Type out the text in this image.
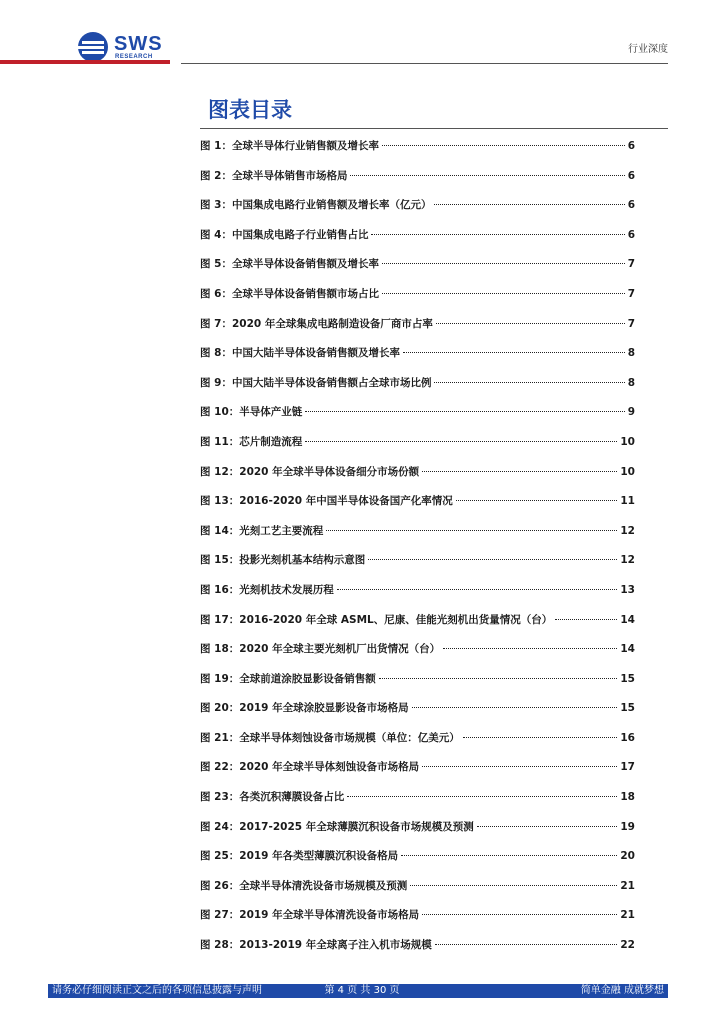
SWS
RESEARCH
行业深度
图表目录
图 1：全球半导体行业销售额及增长率	6
图 2：全球半导体销售市场格局	6
图 3：中国集成电路行业销售额及增长率（亿元）	6
图 4：中国集成电路子行业销售占比	6
图 5：全球半导体设备销售额及增长率	7
图 6：全球半导体设备销售额市场占比	7
图 7：2020 年全球集成电路制造设备厂商市占率	7
图 8：中国大陆半导体设备销售额及增长率	8
图 9：中国大陆半导体设备销售额占全球市场比例	8
图 10：半导体产业链	9
图 11：芯片制造流程	10
图 12：2020 年全球半导体设备细分市场份额	10
图 13：2016-2020 年中国半导体设备国产化率情况	11
图 14：光刻工艺主要流程	12
图 15：投影光刻机基本结构示意图	12
图 16：光刻机技术发展历程	13
图 17：2016-2020 年全球 ASML、尼康、佳能光刻机出货量情况（台）	14
图 18：2020 年全球主要光刻机厂出货情况（台）	14
图 19：全球前道涂胶显影设备销售额	15
图 20：2019 年全球涂胶显影设备市场格局	15
图 21：全球半导体刻蚀设备市场规模（单位：亿美元）	16
图 22：2020 年全球半导体刻蚀设备市场格局	17
图 23：各类沉积薄膜设备占比	18
图 24：2017-2025 年全球薄膜沉积设备市场规模及预测	19
图 25：2019 年各类型薄膜沉积设备格局	20
图 26：全球半导体清洗设备市场规模及预测	21
图 27：2019 年全球半导体清洗设备市场格局	21
图 28：2013-2019 年全球离子注入机市场规模	22
请务必仔细阅读正文之后的各项信息披露与声明	第 4 页 共 30 页	简单金融 成就梦想
